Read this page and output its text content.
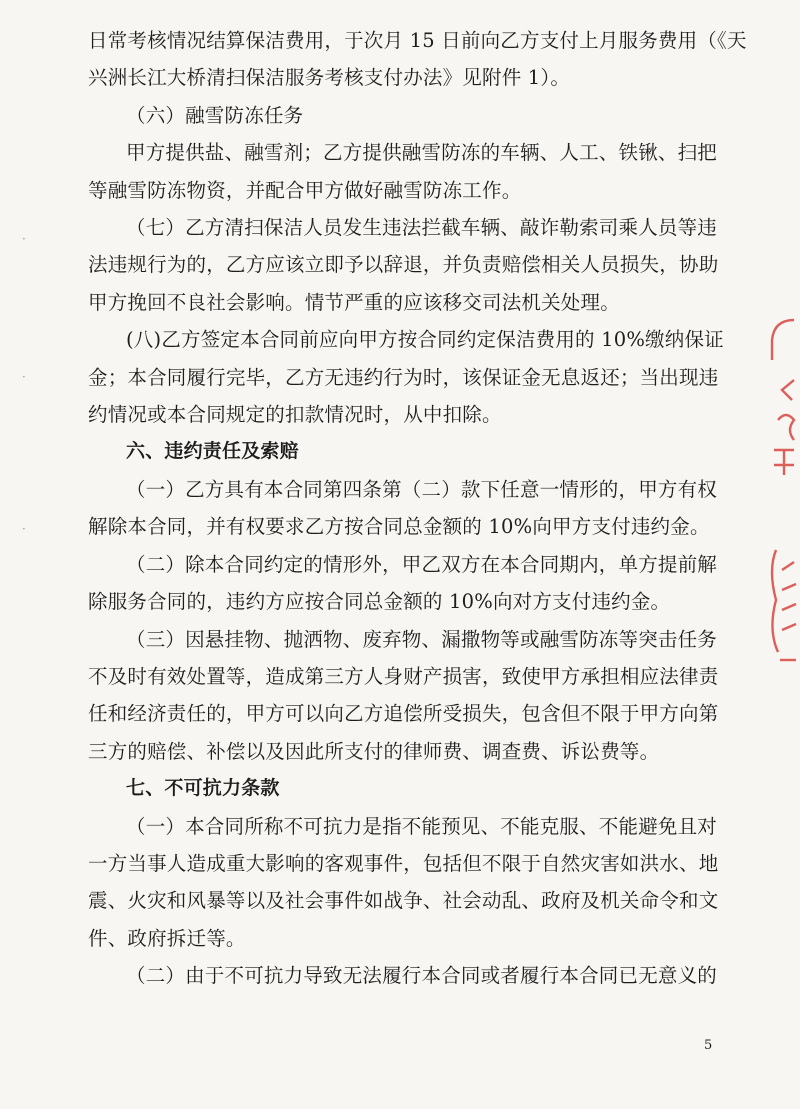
日常考核情况结算保洁费用，于次月 15 日前向乙方支付上月服务费用（《天

兴洲长江大桥清扫保洁服务考核支付办法》见附件 1）。

（六）融雪防冻任务

甲方提供盐、融雪剂；乙方提供融雪防冻的车辆、人工、铁锹、扫把

等融雪防冻物资，并配合甲方做好融雪防冻工作。

（七）乙方清扫保洁人员发生违法拦截车辆、敲诈勒索司乘人员等违

法违规行为的，乙方应该立即予以辞退，并负责赔偿相关人员损失，协助

甲方挽回不良社会影响。情节严重的应该移交司法机关处理。

(八)乙方签定本合同前应向甲方按合同约定保洁费用的 10%缴纳保证

金；本合同履行完毕，乙方无违约行为时，该保证金无息返还；当出现违

约情况或本合同规定的扣款情况时，从中扣除。

六、违约责任及索赔

（一）乙方具有本合同第四条第（二）款下任意一情形的，甲方有权

解除本合同，并有权要求乙方按合同总金额的 10%向甲方支付违约金。

（二）除本合同约定的情形外，甲乙双方在本合同期内，单方提前解

除服务合同的，违约方应按合同总金额的 10%向对方支付违约金。

（三）因悬挂物、抛洒物、废弃物、漏撒物等或融雪防冻等突击任务

不及时有效处置等，造成第三方人身财产损害，致使甲方承担相应法律责

任和经济责任的，甲方可以向乙方追偿所受损失，包含但不限于甲方向第

三方的赔偿、补偿以及因此所支付的律师费、调查费、诉讼费等。

七、不可抗力条款

（一）本合同所称不可抗力是指不能预见、不能克服、不能避免且对

一方当事人造成重大影响的客观事件，包括但不限于自然灾害如洪水、地

震、火灾和风暴等以及社会事件如战争、社会动乱、政府及机关命令和文

件、政府拆迁等。

（二）由于不可抗力导致无法履行本合同或者履行本合同已无意义的

5
·
·
·
